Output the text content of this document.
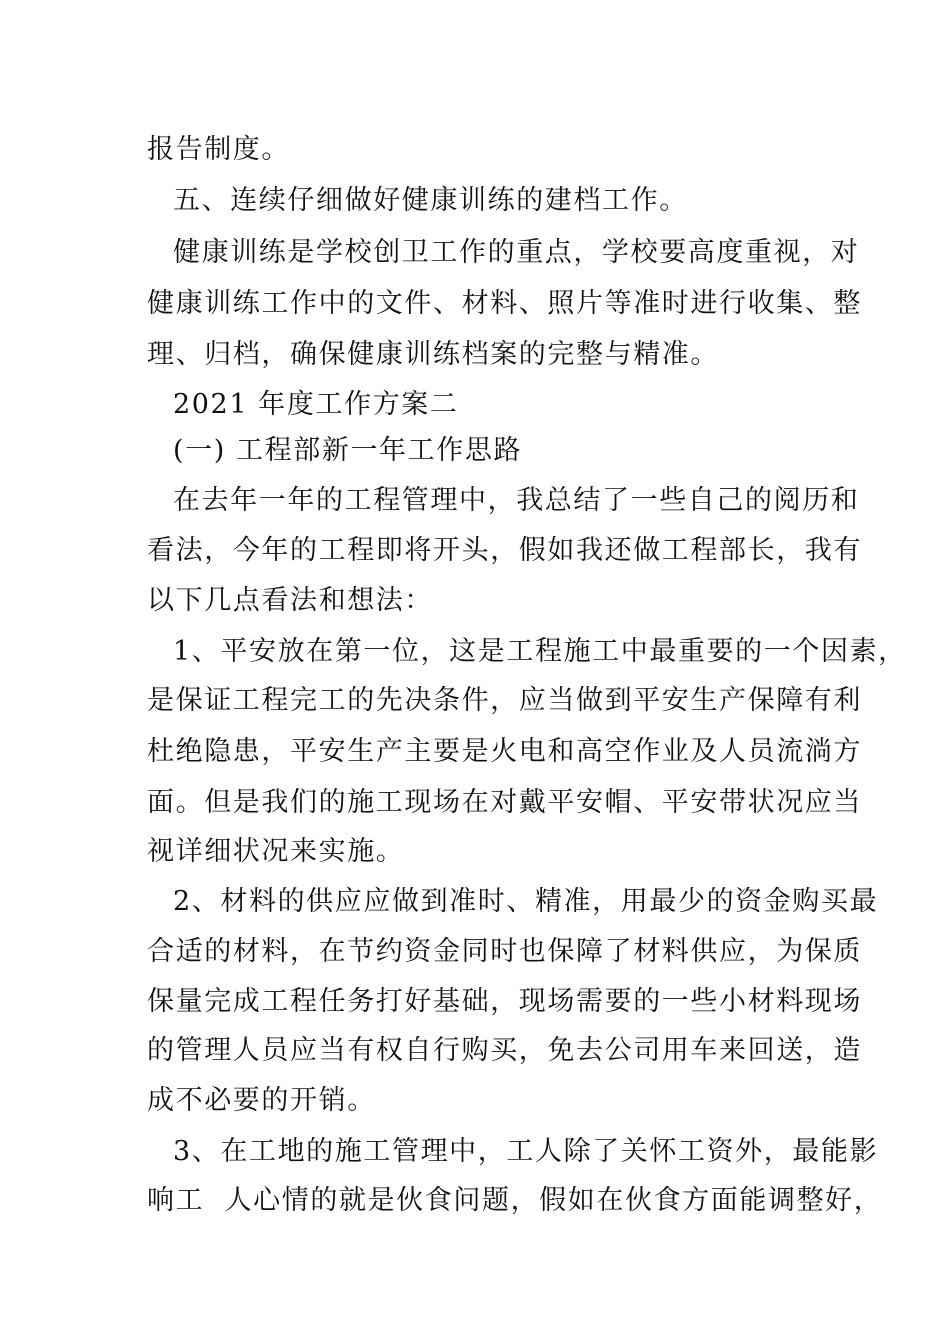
报告制度。
五、连续仔细做好健康训练的建档工作。
健康训练是学校创卫工作的重点，学校要高度重视，对
健康训练工作中的文件、材料、照片等准时进行收集、整
理、归档，确保健康训练档案的完整与精准。
2021 年度工作方案二
(一) 工程部新一年工作思路
在去年一年的工程管理中，我总结了一些自己的阅历和
看法，今年的工程即将开头，假如我还做工程部长，我有
以下几点看法和想法：
1、平安放在第一位，这是工程施工中最重要的一个因素，
是保证工程完工的先决条件，应当做到平安生产保障有利
杜绝隐患，平安生产主要是火电和高空作业及人员流淌方
面。但是我们的施工现场在对戴平安帽、平安带状况应当
视详细状况来实施。
2、材料的供应应做到准时、精准，用最少的资金购买最
合适的材料，在节约资金同时也保障了材料供应，为保质
保量完成工程任务打好基础，现场需要的一些小材料现场
的管理人员应当有权自行购买，免去公司用车来回送，造
成不必要的开销。
3、在工地的施工管理中，工人除了关怀工资外，最能影
响工  人心情的就是伙食问题，假如在伙食方面能调整好，
